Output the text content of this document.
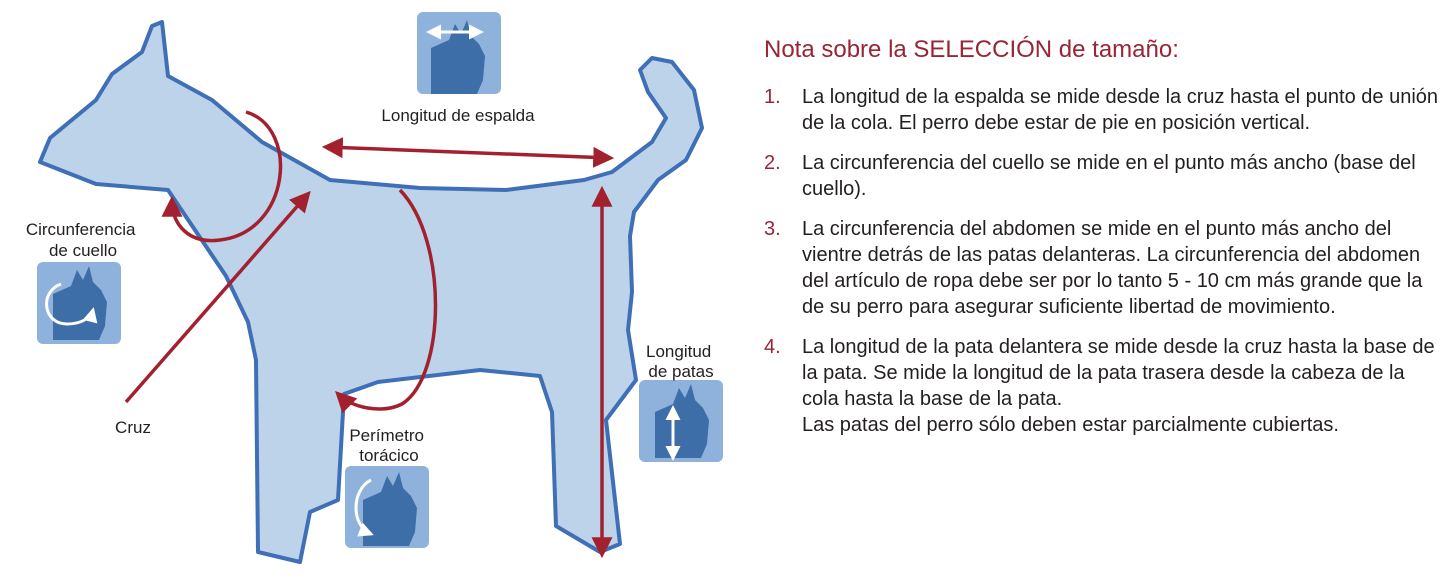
Longitud de espalda
Circunferencia de cuello
Cruz	Perímetro torácico
Longitud de patas
Nota sobre la SELECCIÓN de tamaño:
1.	La longitud de la espalda se mide desde la cruz hasta el punto de unión de la cola. El perro debe estar de pie en posición vertical.
2.	La circunferencia del cuello se mide en el punto más ancho (base del cuello).
3.	La circunferencia del abdomen se mide en el punto más ancho del vientre detrás de las patas delanteras. La circunferencia del abdomen del artículo de ropa debe ser por lo tanto 5 - 10 cm más grande que la de su perro para asegurar suficiente libertad de movimiento.
4.	La longitud de la pata delantera se mide desde la cruz hasta la base de la pata. Se mide la longitud de la pata trasera desde la cabeza de la cola hasta la base de la pata.
Las patas del perro sólo deben estar parcialmente cubiertas.
